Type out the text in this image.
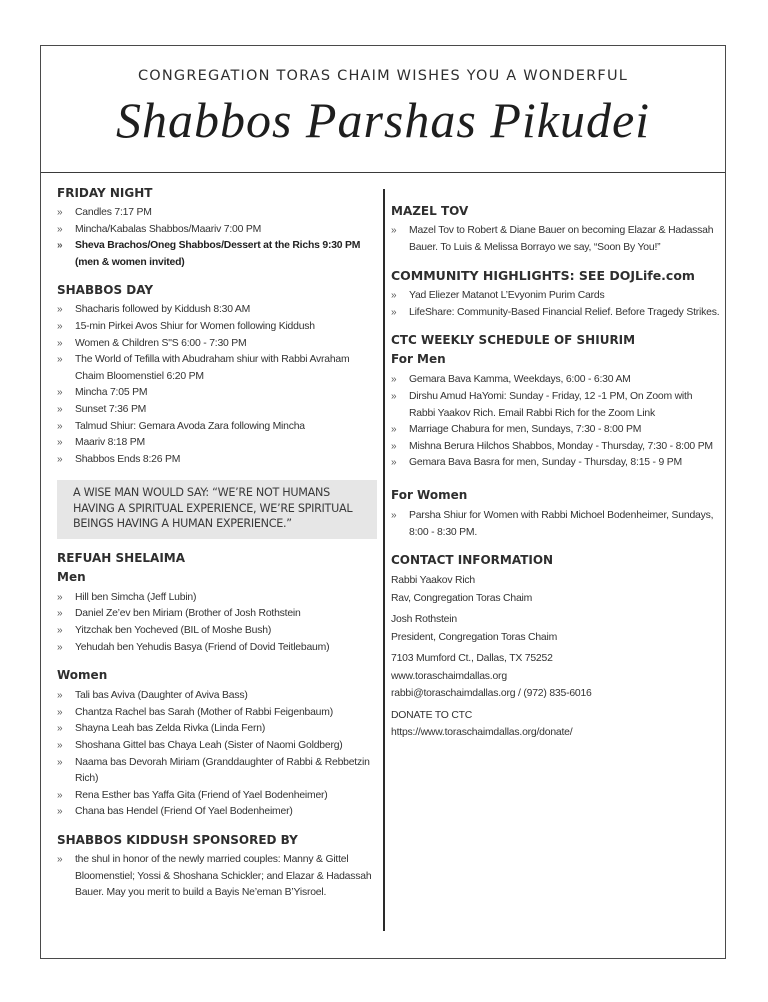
CONGREGATION TORAS CHAIM WISHES YOU A WONDERFUL
Shabbos Parshas Pikudei
FRIDAY NIGHT
» Candles 7:17 PM
» Mincha/Kabalas Shabbos/Maariv 7:00 PM
» Sheva Brachos/Oneg Shabbos/Dessert at the Richs 9:30 PM (men & women invited)
SHABBOS DAY
» Shacharis followed by Kiddush 8:30 AM
» 15-min Pirkei Avos Shiur for Women following Kiddush
» Women & Children S"S 6:00 - 7:30 PM
» The World of Tefilla with Abudraham shiur with Rabbi Avraham Chaim Bloomenstiel 6:20 PM
» Mincha 7:05 PM
» Sunset 7:36 PM
» Talmud Shiur: Gemara Avoda Zara following Mincha
» Maariv 8:18 PM
» Shabbos Ends 8:26 PM
A WISE MAN WOULD SAY: “WE’RE NOT HUMANS HAVING A SPIRITUAL EXPERIENCE, WE’RE SPIRITUAL BEINGS HAVING A HUMAN EXPERIENCE.”
REFUAH SHELAIMA
Men
» Hill ben Simcha (Jeff Lubin)
» Daniel Ze’ev ben Miriam (Brother of Josh Rothstein
» Yitzchak ben Yocheved (BIL of Moshe Bush)
» Yehudah ben Yehudis Basya (Friend of Dovid Teitlebaum)
Women
» Tali bas Aviva (Daughter of Aviva Bass)
» Chantza Rachel bas Sarah (Mother of Rabbi Feigenbaum)
» Shayna Leah bas Zelda Rivka (Linda Fern)
» Shoshana Gittel bas Chaya Leah (Sister of Naomi Goldberg)
» Naama bas Devorah Miriam (Granddaughter of Rabbi & Rebbetzin Rich)
» Rena Esther bas Yaffa Gita (Friend of Yael Bodenheimer)
» Chana bas Hendel (Friend Of Yael Bodenheimer)
SHABBOS KIDDUSH SPONSORED BY
» the shul in honor of the newly married couples: Manny & Gittel Bloomenstiel; Yossi & Shoshana Schickler; and Elazar & Hadassah Bauer. May you merit to build a Bayis Ne’eman B’Yisroel.
MAZEL TOV
» Mazel Tov to Robert & Diane Bauer on becoming Elazar & Hadassah Bauer. To Luis & Melissa Borrayo we say, “Soon By You!”
COMMUNITY HIGHLIGHTS: SEE DOJLife.com
» Yad Eliezer Matanot L’Evyonim Purim Cards
» LifeShare: Community-Based Financial Relief. Before Tragedy Strikes.
CTC WEEKLY SCHEDULE OF SHIURIM
For Men
» Gemara Bava Kamma, Weekdays, 6:00 - 6:30 AM
» Dirshu Amud HaYomi: Sunday - Friday, 12 -1 PM, On Zoom with Rabbi Yaakov Rich. Email Rabbi Rich for the Zoom Link
» Marriage Chabura for men, Sundays, 7:30 - 8:00 PM
» Mishna Berura Hilchos Shabbos, Monday - Thursday, 7:30 - 8:00 PM
» Gemara Bava Basra for men, Sunday - Thursday, 8:15 - 9 PM
For Women
» Parsha Shiur for Women with Rabbi Michoel Bodenheimer, Sundays, 8:00 - 8:30 PM.
CONTACT INFORMATION
Rabbi Yaakov Rich
Rav, Congregation Toras Chaim
Josh Rothstein
President, Congregation Toras Chaim
7103 Mumford Ct., Dallas, TX 75252
www.toraschaimdallas.org
rabbi@toraschaimdallas.org / (972) 835-6016
DONATE TO CTC
https://www.toraschaimdallas.org/donate/
